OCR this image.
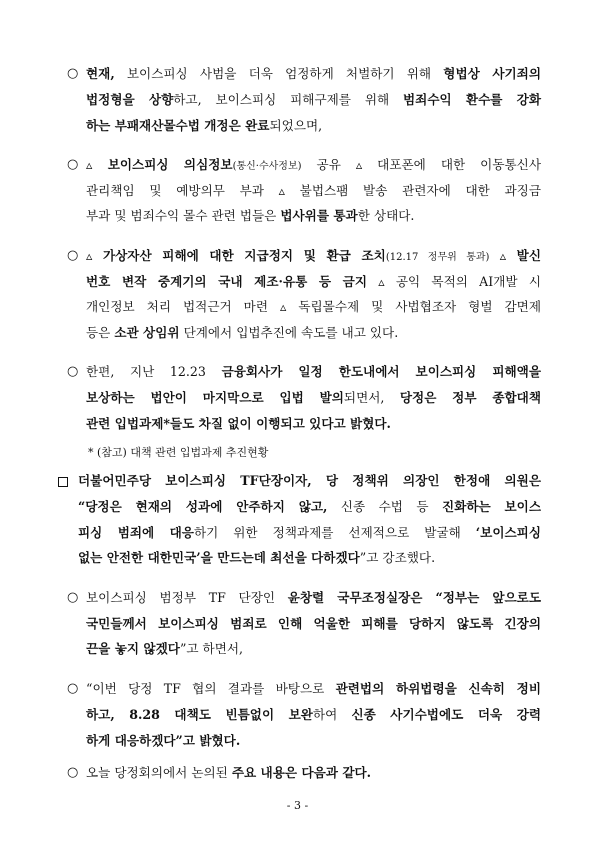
○ 현재, 보이스피싱 사범을 더욱 엄정하게 처벌하기 위해 형법상 사기죄의
법정형을 상향하고, 보이스피싱 피해구제를 위해 범죄수익 환수를 강화
하는 부패재산몰수법 개정은 완료되었으며,
○ ▵ 보이스피싱 의심정보(통신·수사정보) 공유 ▵ 대포폰에 대한 이동통신사
관리책임 및 예방의무 부과 ▵ 불법스팸 발송 관련자에 대한 과징금
부과 및 범죄수익 몰수 관련 법들은 법사위를 통과한 상태다.
○ ▵ 가상자산 피해에 대한 지급정지 및 환급 조치(12.17 정무위 통과) ▵ 발신
번호 변작 중계기의 국내 제조·유통 등 금지 ▵ 공익 목적의 AI개발 시
개인정보 처리 법적근거 마련 ▵ 독립몰수제 및 사법협조자 형벌 감면제
등은 소관 상임위 단계에서 입법추진에 속도를 내고 있다.
○ 한편, 지난 12.23 금융회사가 일정 한도내에서 보이스피싱 피해액을
보상하는 법안이 마지막으로 입법 발의되면서, 당정은 정부 종합대책
관련 입법과제*들도 차질 없이 이행되고 있다고 밝혔다.
* (참고) 대책 관련 입법과제 추진현황
더불어민주당 보이스피싱 TF단장이자, 당 정책위 의장인 한정애 의원은
“당정은 현재의 성과에 안주하지 않고, 신종 수법 등 진화하는 보이스
피싱 범죄에 대응하기 위한 정책과제를 선제적으로 발굴해 ‘보이스피싱
없는 안전한 대한민국’을 만드는데 최선을 다하겠다”고 강조했다.
○ 보이스피싱 범정부 TF 단장인 윤창렬 국무조정실장은 “정부는 앞으로도
국민들께서 보이스피싱 범죄로 인해 억울한 피해를 당하지 않도록 긴장의
끈을 놓지 않겠다”고 하면서,
○ “이번 당정 TF 협의 결과를 바탕으로 관련법의 하위법령을 신속히 정비
하고, 8.28 대책도 빈틈없이 보완하여 신종 사기수법에도 더욱 강력
하게 대응하겠다”고 밝혔다.
○ 오늘 당정회의에서 논의된 주요 내용은 다음과 같다.
- 3 -
